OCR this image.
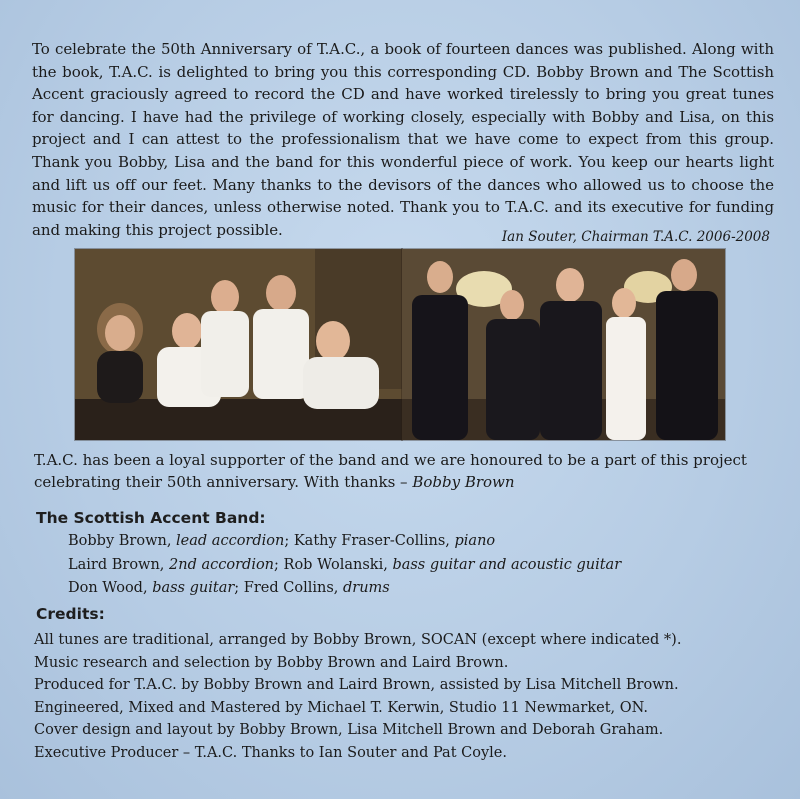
To celebrate the 50th Anniversary of T.A.C., a book of fourteen dances was published. Along with the book, T.A.C. is delighted to bring you this corresponding CD. Bobby Brown and The Scottish Accent graciously agreed to record the CD and have worked tirelessly to bring you great tunes for dancing. I have had the privilege of working closely, especially with Bobby and Lisa, on this project and I can attest to the professionalism that we have come to expect from this group. Thank you Bobby, Lisa and the band for this wonderful piece of work. You keep our hearts light and lift us off our feet. Many thanks to the devisors of the dances who allowed us to choose the music for their dances, unless otherwise noted. Thank you to T.A.C. and its executive for funding and making this project possible.	Ian Souter, Chairman T.A.C. 2006-2008
T.A.C. has been a loyal supporter of the band and we are honoured to be a part of this project celebrating their 50th anniversary. With thanks – Bobby Brown
The Scottish Accent Band:
Bobby Brown, lead accordion; Kathy Fraser-Collins, piano
Laird Brown, 2nd accordion; Rob Wolanski, bass guitar and acoustic guitar
Don Wood, bass guitar; Fred Collins, drums
Credits:
All tunes are traditional, arranged by Bobby Brown, SOCAN (except where indicated *).
Music research and selection by Bobby Brown and Laird Brown.
Produced for T.A.C. by Bobby Brown and Laird Brown, assisted by Lisa Mitchell Brown.
Engineered, Mixed and Mastered by Michael T. Kerwin, Studio 11 Newmarket, ON.
Cover design and layout by Bobby Brown, Lisa Mitchell Brown and Deborah Graham.
Executive Producer – T.A.C. Thanks to Ian Souter and Pat Coyle.
